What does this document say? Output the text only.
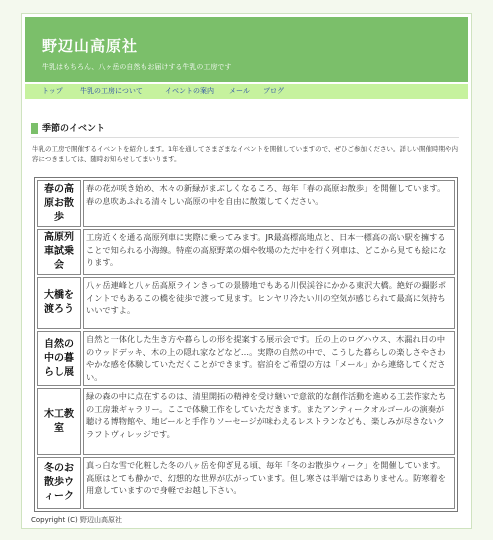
野辺山高原社
牛乳はもちろん、八ヶ岳の自然もお届けする牛乳の工房です
トップ 牛乳の工房について	イベントの案内 メール ブログ
季節のイベント
牛乳の工房で開催するイベントを紹介します。1年を通してさまざまなイベントを開催していますので、ぜひご参加ください。詳しい開催時期や内容につきましては、随時お知らせしてまいります。
春の高原お散歩	春の花が咲き始め、木々の新緑がまぶしくなるころ、毎年「春の高原お散歩」を開催しています。春の息吹あふれる清々しい高原の中を自由に散策してください。
高原列車試乗会	工房近くを通る高原列車に実際に乗ってみます。JR最高標高地点と、日本一標高の高い駅を擁することで知られる小海線。特産の高原野菜の畑や牧場のただ中を行く列車は、どこから見ても絵になります。
大橋を渡ろう	八ヶ岳連峰と八ヶ岳高原ラインきっての景勝地でもある川俣渓谷にかかる東沢大橋。絶好の撮影ポイントでもあるこの橋を徒歩で渡って見ます。ヒンヤリ冷たい川の空気が感じられて最高に気持ちいいですよ。
自然の中の暮らし展	自然と一体化した生き方や暮らしの形を提案する展示会です。丘の上のログハウス、木漏れ日の中のウッドデッキ、木の上の隠れ家などなど…。実際の自然の中で、こうした暮らしの楽しさやさわやかな感を体験していただくことができます。宿泊をご希望の方は「メール」から連絡してください。
木工教室	緑の森の中に点在するのは、清里開拓の精神を受け継いで意欲的な創作活動を進める工芸作家たちの工房兼ギャラリー。ここで体験工作をしていただきます。またアンティークオルゴールの演奏が聴ける博物館や、地ビールと手作りソーセージが味わえるレストランなども、楽しみが尽きないクラフトヴィレッジです。
冬のお散歩ウィーク	真っ白な雪で化粧した冬の八ヶ岳を仰ぎ見る頃、毎年「冬のお散歩ウィーク」を開催しています。高原はとても静かで、幻想的な世界が広がっています。但し寒さは半端ではありません。防寒着を用意していますので身軽でお越し下さい。
Copyright (C) 野辺山高原社
